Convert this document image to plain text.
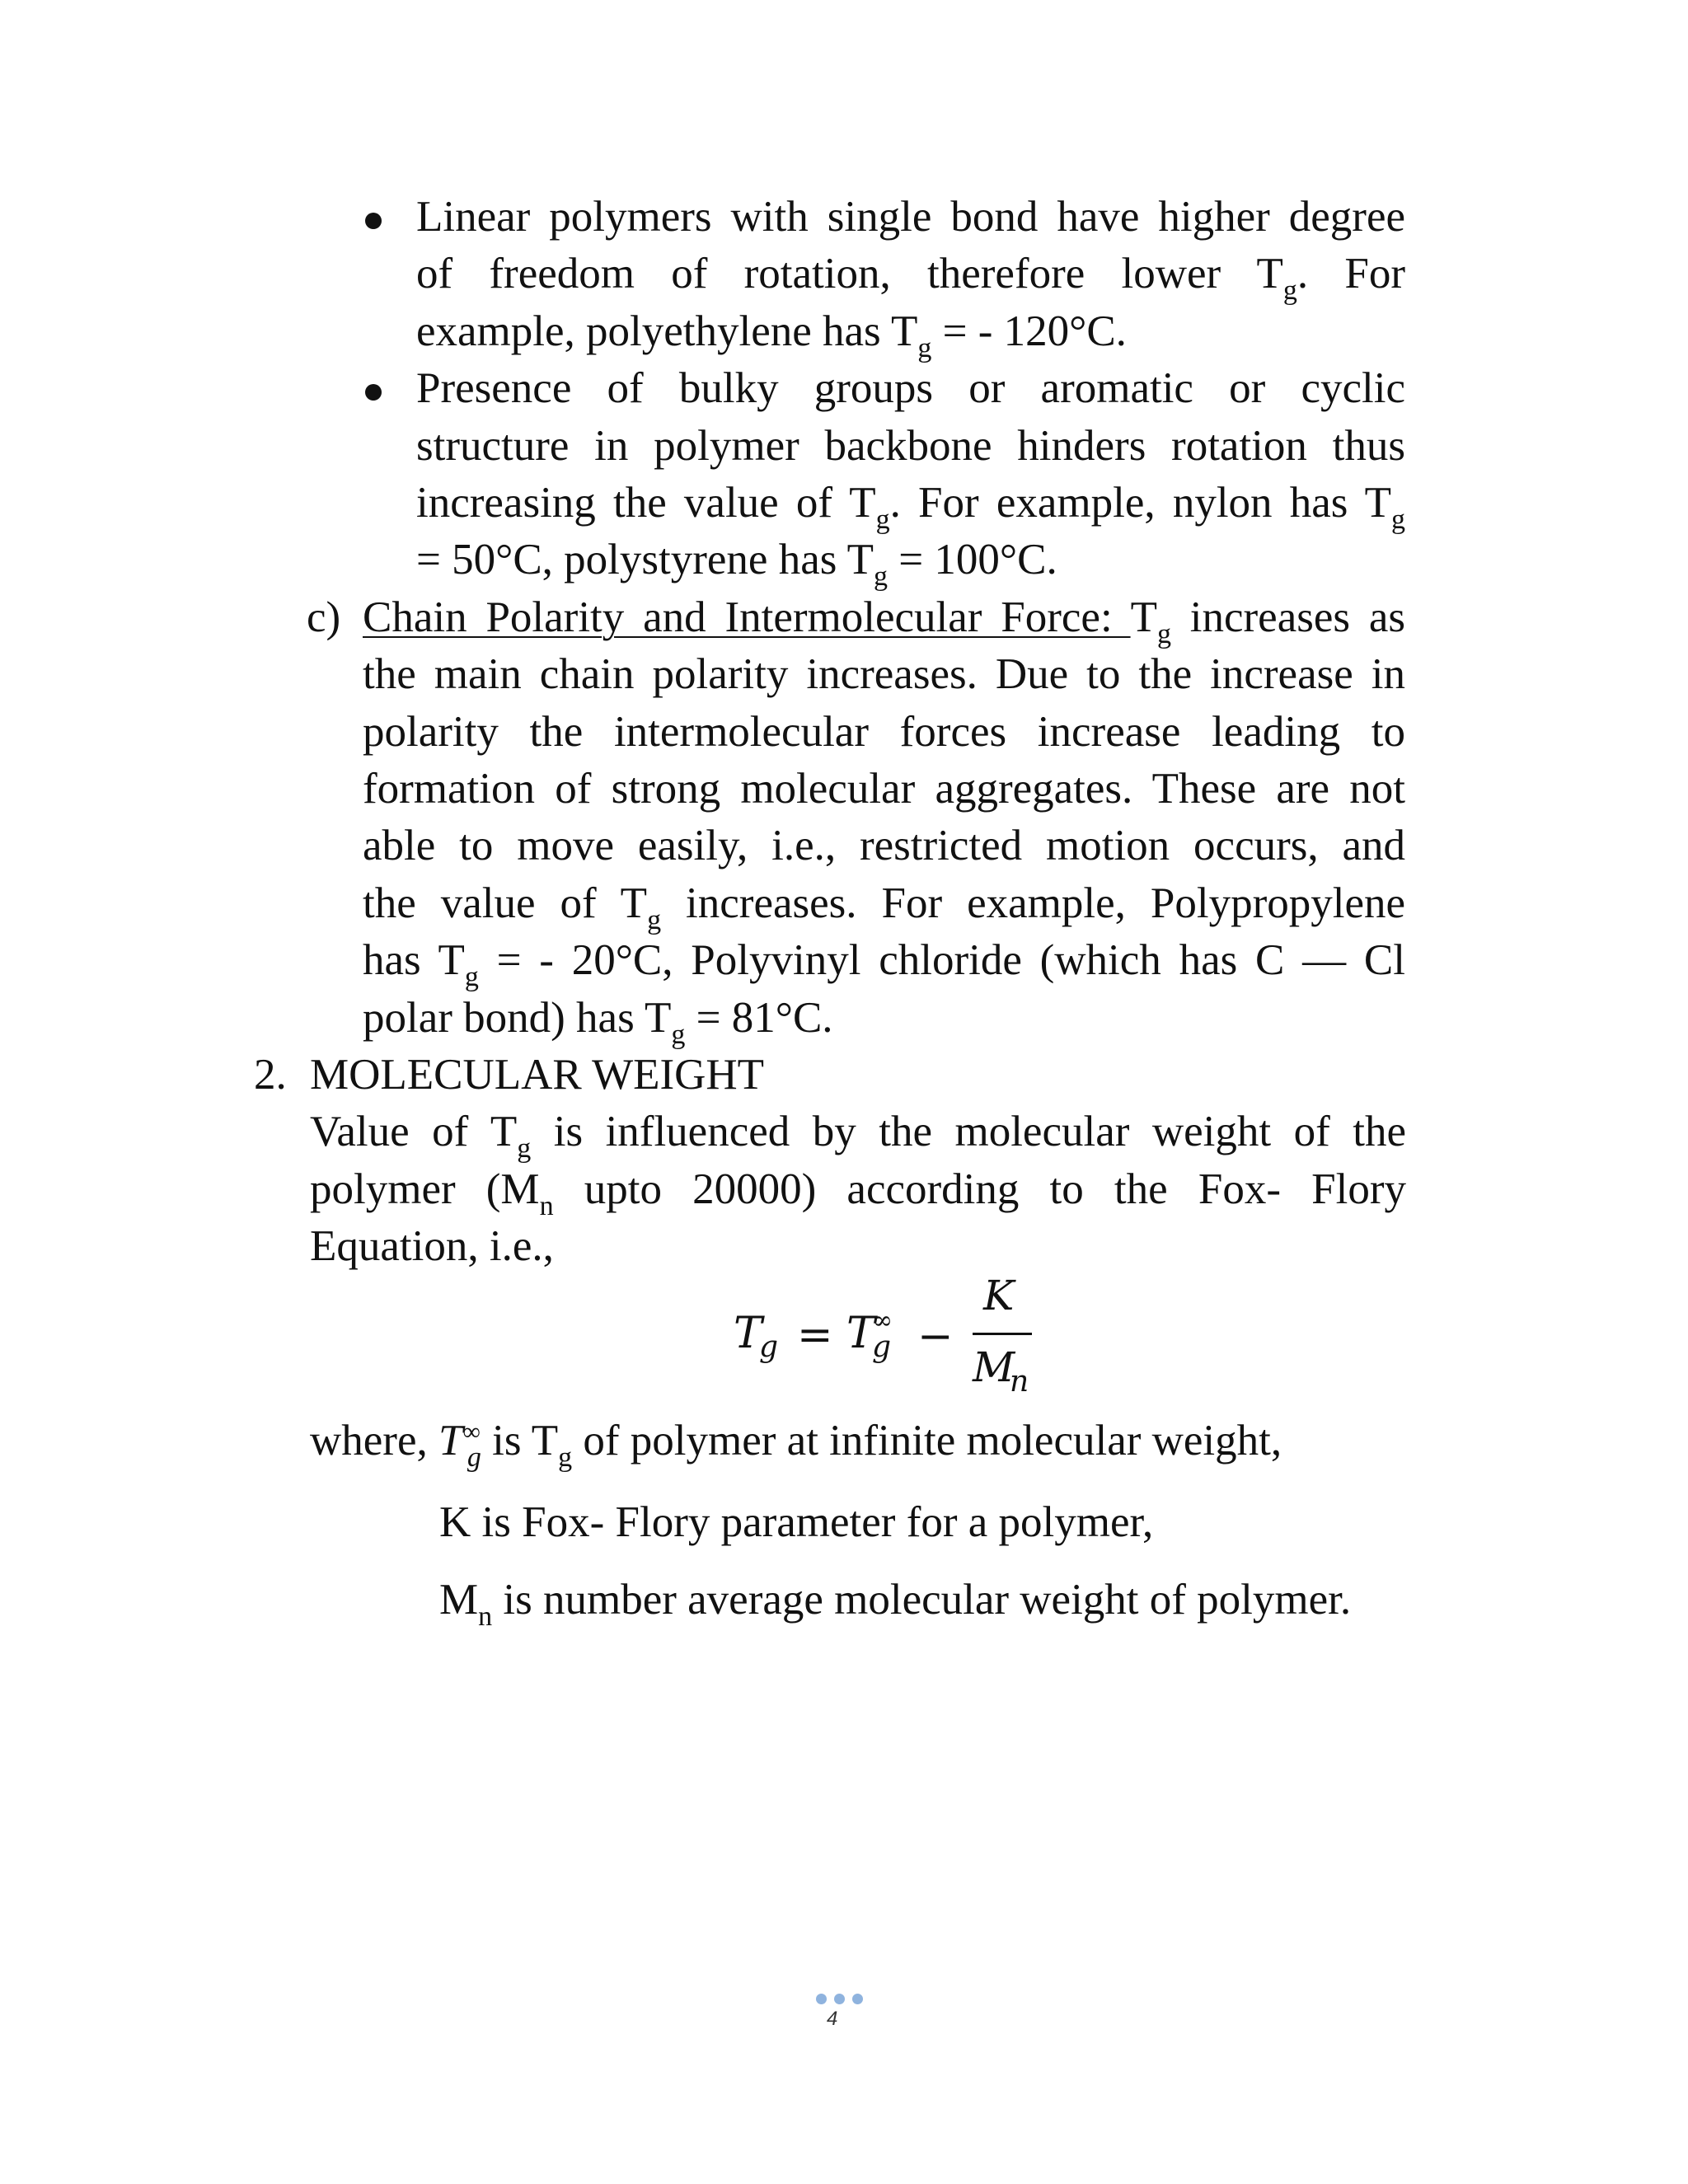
Linear polymers with single bond have higher degree
of freedom of rotation, therefore lower $T_g$. For
example, polyethylene has $T_g$ = - 120°C.
Presence of bulky groups or aromatic or cyclic
structure in polymer backbone hinders rotation thus
increasing the value of $T_g$. For example, nylon has $T_g$
= 50°C, polystyrene has $T_g = 100^\circ C$.
c) Chain Polarity and Intermolecular Force: $T_g$ increases as
the main chain polarity increases. Due to the increase in
polarity the intermolecular forces increase leading to
formation of strong molecular aggregates. These are not
able to move easily, i.e., restricted motion occurs, and
the value of $T_g$ increases. For example, Polypropylene
has $T_g$ = - 20°C, Polyvinyl chloride (which has C — Cl
polar bond) has $T_g = 81^\circ C$.
2. MOLECULAR WEIGHT
Value of $T_g$ is influenced by the molecular weight of the
polymer ($M_n$ upto 20000) according to the Fox- Flory
Equation, i.e.,
T
g = T
∞
g −
K
M
n
where, $T^\infty_g$ is $T_g$ of polymer at infinite molecular weight,
K is Fox- Flory parameter for a polymer,
$M_n$ is number average molecular weight of polymer.
4
